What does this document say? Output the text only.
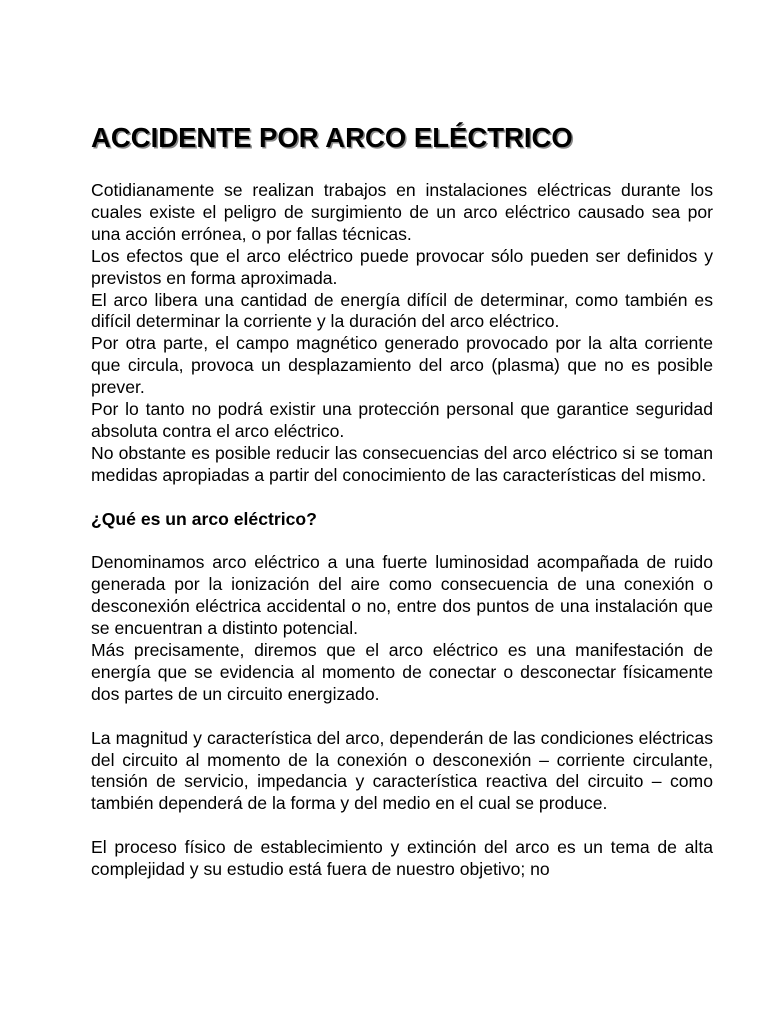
ACCIDENTE POR ARCO ELÉCTRICO

Cotidianamente se realizan trabajos en instalaciones eléctricas durante los cuales existe el peligro de surgimiento de un arco eléctrico causado sea por una acción errónea, o por fallas técnicas.

Los efectos que el arco eléctrico puede provocar sólo pueden ser definidos y previstos en forma aproximada.

El arco libera una cantidad de energía difícil de determinar, como también es difícil determinar la corriente y la duración del arco eléctrico.

Por otra parte, el campo magnético generado provocado por la alta corriente que circula, provoca un desplazamiento del arco (plasma) que no es posible prever.

Por lo tanto no podrá existir una protección personal que garantice seguridad absoluta contra el arco eléctrico.

No obstante es posible reducir las consecuencias del arco eléctrico si se toman medidas apropiadas a partir del conocimiento de las características del mismo.

¿Qué es un arco eléctrico?

Denominamos arco eléctrico a una fuerte luminosidad acompañada de ruido generada por la ionización del aire como consecuencia de una conexión o desconexión eléctrica accidental o no, entre dos puntos de una instalación que se encuentran a distinto potencial.

Más precisamente, diremos que el arco eléctrico es una manifestación de energía que se evidencia al momento de conectar o desconectar físicamente dos partes de un circuito energizado.

La magnitud y característica del arco, dependerán de las condiciones eléctricas del circuito al momento de la conexión o desconexión – corriente circulante, tensión de servicio, impedancia y característica reactiva del circuito – como también dependerá de la forma y del medio en el cual se produce.

El proceso físico de establecimiento y extinción del arco es un tema de alta complejidad y su estudio está fuera de nuestro objetivo; no
